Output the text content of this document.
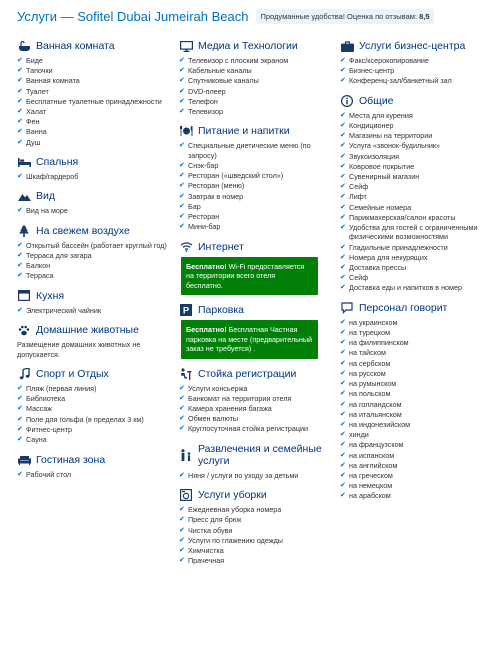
Услуги — Sofitel Dubai Jumeirah Beach	Продуманные удобства! Оценка по отзывам: 8,5
Ванная комната
✔ Биде
✔ Тапочки
✔ Ванная комната
✔ Туалет
✔ Бесплатные туалетные принадлежности
✔ Халат
✔ Фен
✔ Ванна
✔ Душ
Спальня
✔ Шкаф/гардероб
Вид
✔ Вид на море
На свежем воздухе
✔ Открытый бассейн (работает круглый год)
✔ Терраса для загара
✔ Балкон
✔ Терраса
Кухня
✔ Электрический чайник
Домашние животные
Размещение домашних животных не допускается.
Спорт и Отдых
✔ Пляж (первая линия)
✔ Библиотека
✔ Массаж
✔ Поле для гольфа (в пределах 3 км)
✔ Фитнес-центр
✔ Сауна
Гостиная зона
✔ Рабочий стол
Медиа и Технологии
✔ Телевизор с плоским экраном
✔ Кабельные каналы
✔ Спутниковые каналы
✔ DVD-плеер
✔ Телефон
✔ Телевизор
Питание и напитки
✔ Специальные диетические меню (по запросу)
✔ Снэк-бар
✔ Ресторан («шведский стол»)
✔ Ресторан (меню)
✔ Завтрак в номер
✔ Бар
✔ Ресторан
✔ Мини-бар
Интернет
Бесплатно! Wi-Fi предоставляется на территории всего отеля бесплатно.
P Парковка
Бесплатно! Бесплатная Частная парковка на месте (предварительный заказ не требуется) .
Стойка регистрации
✔ Услуги консьержа
✔ Банкомат на территории отеля
✔ Камера хранения багажа
✔ Обмен валюты
✔ Круглосуточная стойка регистрации
Развлечения и семейные услуги
✔ Няня / услуги по уходу за детьми
Услуги уборки
✔ Ежедневная уборка номера
✔ Пресс для брюк
✔ Чистка обуви
✔ Услуги по глажению одежды
✔ Химчистка
✔ Прачечная
Услуги бизнес-центра
✔ Факс/ксерокопирование
✔ Бизнес-центр
✔ Конференц-зал/банкетный зал
Общие
✔ Места для курения
✔ Кондиционер
✔ Магазины на территории
✔ Услуга «звонок-будильник»
✔ Звукоизоляция
✔ Ковровое покрытие
✔ Сувенирный магазин
✔ Сейф
✔ Лифт
✔ Семейные номера
✔ Парикмахерская/салон красоты
✔ Удобства для гостей с ограниченными физическими возможностями
✔ Гладильные принадлежности
✔ Номера для некурящих
✔ Доставка прессы
✔ Сейф
✔ Доставка еды и напитков в номер
Персонал говорит
✔ на украинском
✔ на турецком
✔ на филиппинском
✔ на тайском
✔ на сербском
✔ на русском
✔ на румынском
✔ на польском
✔ на голландском
✔ на итальянском
✔ на индонезийском
✔ хинди
✔ на французском
✔ на испанском
✔ на английском
✔ на греческом
✔ на немецком
✔ на арабском
